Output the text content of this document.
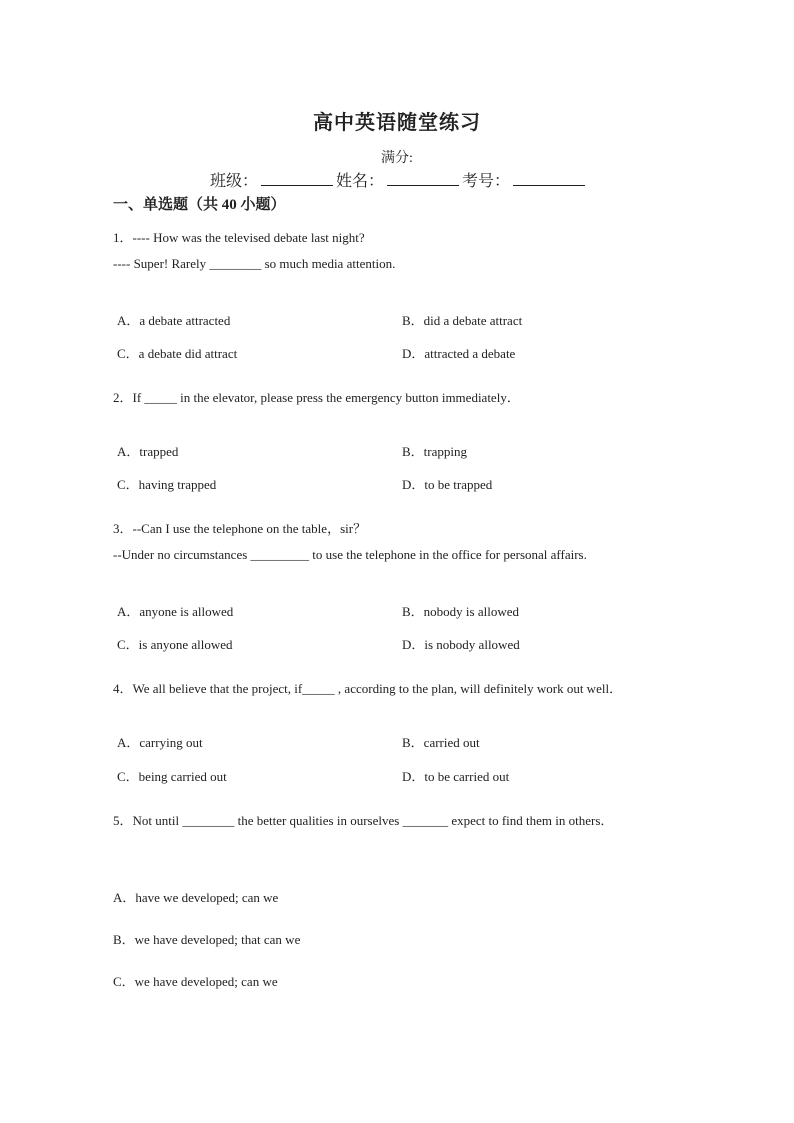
高中英语随堂练习
满分:
班级：	姓名：	考号：
一、单选题（共 40 小题）
1．---- How was the televised debate last night?
---- Super! Rarely ________ so much media attention.
A．a debate attracted	B．did a debate attract
C．a debate did attract	D．attracted a debate
2．If _____ in the elevator, please press the emergency button immediately．
A．trapped	B．trapping
C．having trapped	D．to be trapped
3．--Can I use the telephone on the table，sir？
--Under no circumstances _________ to use the telephone in the office for personal affairs.
A．anyone is allowed	B．nobody is allowed
C．is anyone allowed	D．is nobody allowed
4．We all believe that the project, if_____ , according to the plan, will definitely work out well．
A．carrying out	B．carried out
C．being carried out	D．to be carried out
5．Not until ________ the better qualities in ourselves _______ expect to find them in others．
A．have we developed; can we
B．we have developed; that can we
C．we have developed; can we
